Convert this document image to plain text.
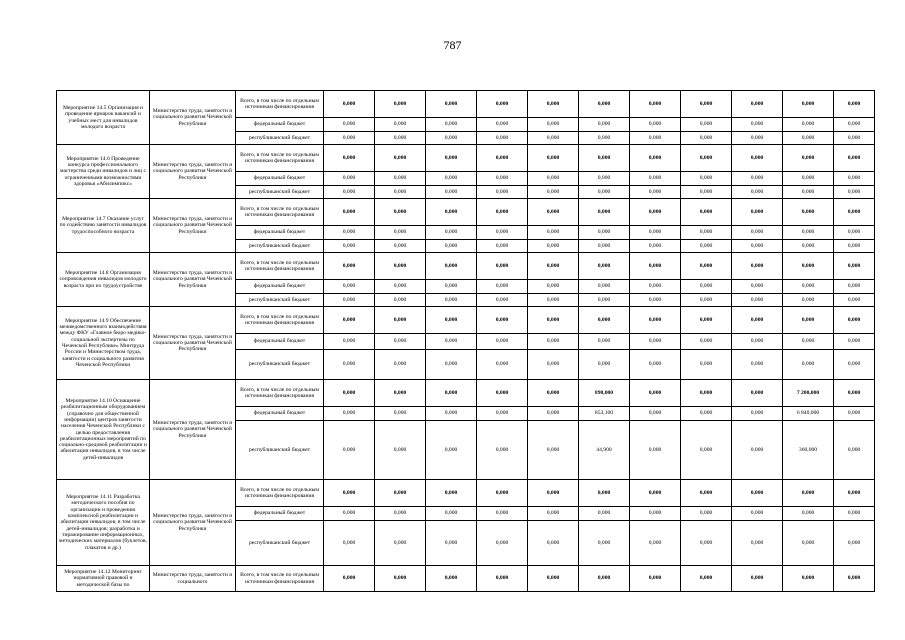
787
Мероприятие 14.5 Организация и проведение ярмарок вакансий и учебных мест для инвалидов молодого возраста	Министерство труда, занятости и социального развития Чеченской Республики	Всего, в том числе по отдельным источникам финансирования	0,000	0,000	0,000	0,000	0,000	0,000	0,000	0,000	0,000	0,000	0,000
		федеральный бюджет	0,000	0,000	0,000	0,000	0,000	0,000	0,000	0,000	0,000	0,000	0,000
		республиканский бюджет	0,000	0,000	0,000	0,000	0,000	0,000	0,000	0,000	0,000	0,000	0,000
Мероприятие 14.6 Проведение конкурса профессионального мастерства среди инвалидов и лиц с ограниченными возможностями здоровья «Абилимпикс»	Министерство труда, занятости и социального развития Чеченской Республики	Всего, в том числе по отдельным источникам финансирования	0,000	0,000	0,000	0,000	0,000	0,000	0,000	0,000	0,000	0,000	0,000
		федеральный бюджет	0,000	0,000	0,000	0,000	0,000	0,000	0,000	0,000	0,000	0,000	0,000
		республиканский бюджет	0,000	0,000	0,000	0,000	0,000	0,000	0,000	0,000	0,000	0,000	0,000
Мероприятие 14.7 Оказание услуг по содействию занятости инвалидов трудоспособного возраста	Министерство труда, занятости и социального развития Чеченской Республики	Всего, в том числе по отдельным источникам финансирования	0,000	0,000	0,000	0,000	0,000	0,000	0,000	0,000	0,000	0,000	0,000
		федеральный бюджет	0,000	0,000	0,000	0,000	0,000	0,000	0,000	0,000	0,000	0,000	0,000
		республиканский бюджет	0,000	0,000	0,000	0,000	0,000	0,000	0,000	0,000	0,000	0,000	0,000
Мероприятие 14.8 Организация сопровождения инвалидов молодого возраста при их трудоустройстве	Министерство труда, занятости и социального развития Чеченской Республики	Всего, в том числе по отдельным источникам финансирования	0,000	0,000	0,000	0,000	0,000	0,000	0,000	0,000	0,000	0,000	0,000
		федеральный бюджет	0,000	0,000	0,000	0,000	0,000	0,000	0,000	0,000	0,000	0,000	0,000
		республиканский бюджет	0,000	0,000	0,000	0,000	0,000	0,000	0,000	0,000	0,000	0,000	0,000
Мероприятие 14.9 Обеспечение межведомственного взаимодействия между ФКУ «Главное бюро медико-социальной экспертизы по Чеченской Республике» Минтруда России и Министерством труда, занятости и социального развития Чеченской Республики	Министерство труда, занятости и социального развития Чеченской Республики	Всего, в том числе по отдельным источникам финансирования	0,000	0,000	0,000	0,000	0,000	0,000	0,000	0,000	0,000	0,000	0,000
		федеральный бюджет	0,000	0,000	0,000	0,000	0,000	0,000	0,000	0,000	0,000	0,000	0,000
		республиканский бюджет	0,000	0,000	0,000	0,000	0,000	0,000	0,000	0,000	0,000	0,000	0,000
Мероприятие 14.10 Оснащение реабилитационным оборудованием (справочно для общественной информации) центров занятости населения Чеченской Республики с целью предоставления реабилитационных мероприятий по социально-средовой реабилитации и абилитации инвалидов, в том числе детей-инвалидов	Министерство труда, занятости и социального развития Чеченской Республики	Всего, в том числе по отдельным источникам финансирования	0,000	0,000	0,000	0,000	0,000	898,000	0,000	0,000	0,000	7 200,000	0,000
		федеральный бюджет	0,000	0,000	0,000	0,000	0,000	853,100	0,000	0,000	0,000	6 840,000	0,000
		республиканский бюджет	0,000	0,000	0,000	0,000	0,000	44,900	0,000	0,000	0,000	360,000	0,000
Мероприятие 14.11 Разработка методического пособия по организации и проведению комплексной реабилитации и абилитации инвалидов, в том числе детей-инвалидов; разработка и тиражирование информационных, методических материалов (буклетов, плакатов и др.)	Министерство труда, занятости и социального развития Чеченской Республики	Всего, в том числе по отдельным источникам финансирования	0,000	0,000	0,000	0,000	0,000	0,000	0,000	0,000	0,000	0,000	0,000
		федеральный бюджет	0,000	0,000	0,000	0,000	0,000	0,000	0,000	0,000	0,000	0,000	0,000
		республиканский бюджет	0,000	0,000	0,000	0,000	0,000	0,000	0,000	0,000	0,000	0,000	0,000
Мероприятие 14.12 Мониторинг нормативной правовой и методической базы по	Министерство труда, занятости и социального	Всего, в том числе по отдельным источникам финансирования	0,000	0,000	0,000	0,000	0,000	0,000	0,000	0,000	0,000	0,000	0,000
